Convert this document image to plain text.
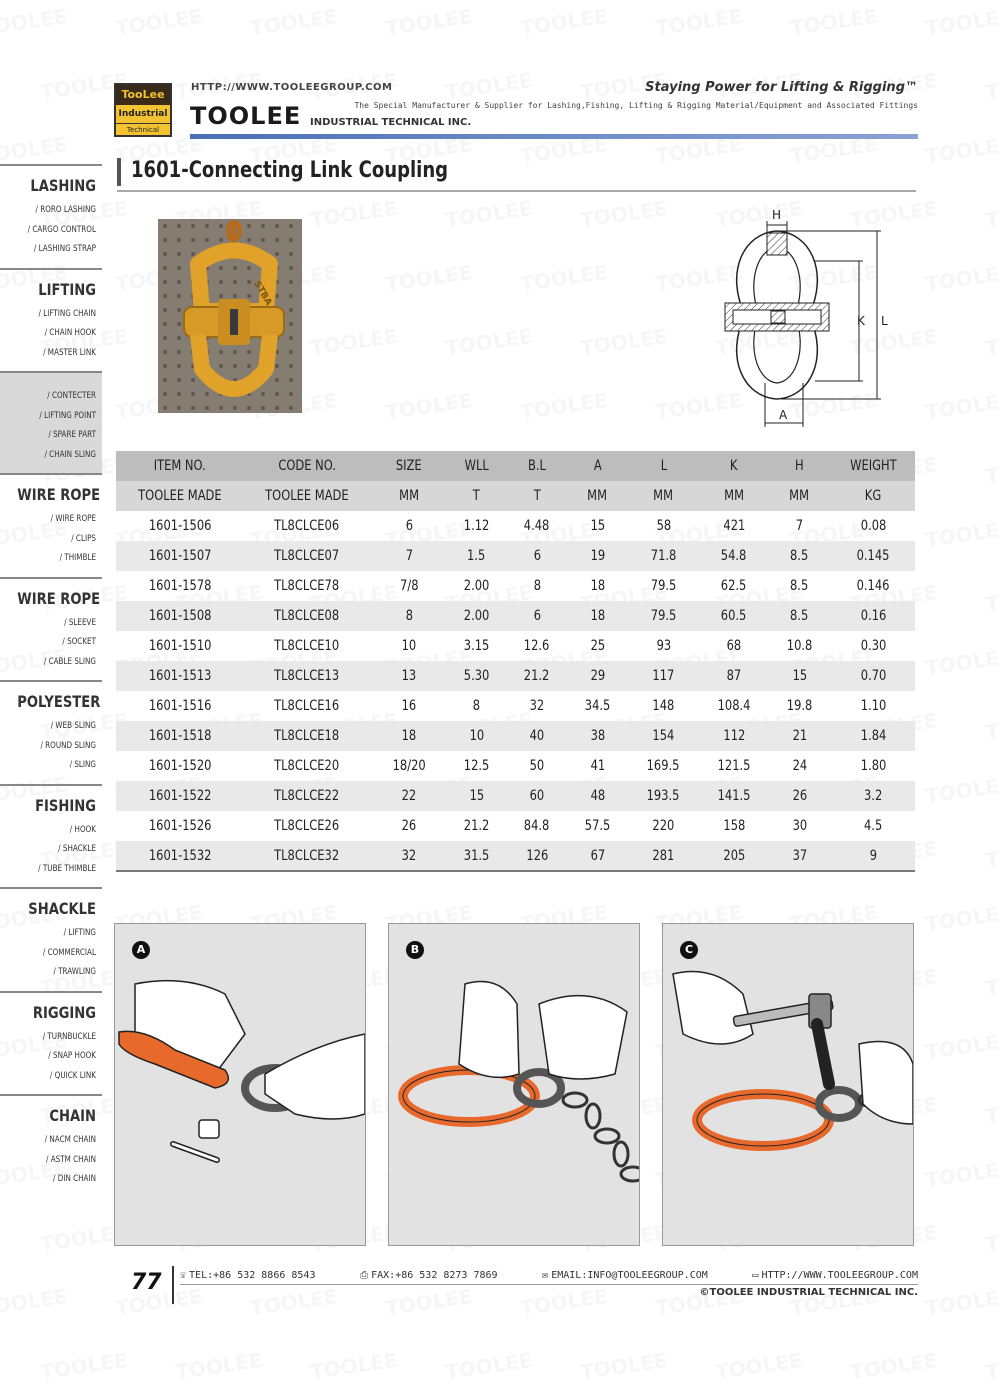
TooLee
Industrial
Technical
HTTP://WWW.TOOLEEGROUP.COM
TOOLEE INDUSTRIAL TECHNICAL INC.
Staying Power for Lifting & Rigging™
The Special Manufacturer & Supplier for Lashing,Fishing, Lifting & Rigging Material/Equipment and Associated Fittings
LASHING
/ RORO LASHING
/ CARGO CONTROL
/ LASHING STRAP
LIFTING
/ LIFTING CHAIN
/ CHAIN HOOK
/ MASTER LINK
/ CONTECTER
/ LIFTING POINT
/ SPARE PART
/ CHAIN SLING
WIRE ROPE
/ WIRE ROPE
/ CLIPS
/ THIMBLE
WIRE ROPE
/ SLEEVE
/ SOCKET
/ CABLE SLING
POLYESTER
/ WEB SLING
/ ROUND SLING
/ SLING
FISHING
/ HOOK
/ SHACKLE
/ TUBE THIMBLE
SHACKLE
/ LIFTING
/ COMMERCIAL
/ TRAWLING
RIGGING
/ TURNBUCKLE
/ SNAP HOOK
/ QUICK LINK
CHAIN
/ NACM CHAIN
/ ASTM CHAIN
/ DIN CHAIN
1601-Connecting Link Coupling
STBA
H
K L
A
ITEM NO.	CODE NO.	SIZE	WLL	B.L	A	L	K	H	WEIGHT
TOOLEE MADE	TOOLEE MADE	MM	T	T	MM	MM	MM	MM	KG
1601-1506	TL8CLCE06	6	1.12	4.48	15	58	421	7	0.08
1601-1507	TL8CLCE07	7	1.5	6	19	71.8	54.8	8.5	0.145
1601-1578	TL8CLCE78	7/8	2.00	8	18	79.5	62.5	8.5	0.146
1601-1508	TL8CLCE08	8	2.00	6	18	79.5	60.5	8.5	0.16
1601-1510	TL8CLCE10	10	3.15	12.6	25	93	68	10.8	0.30
1601-1513	TL8CLCE13	13	5.30	21.2	29	117	87	15	0.70
1601-1516	TL8CLCE16	16	8	32	34.5	148	108.4	19.8	1.10
1601-1518	TL8CLCE18	18	10	40	38	154	112	21	1.84
1601-1520	TL8CLCE20	18/20	12.5	50	41	169.5	121.5	24	1.80
1601-1522	TL8CLCE22	22	15	60	48	193.5	141.5	26	3.2
1601-1526	TL8CLCE26	26	21.2	84.8	57.5	220	158	30	4.5
1601-1532	TL8CLCE32	32	31.5	126	67	281	205	37	9
A	B	C
77 ☏ TEL:+86 532 8866 8543	⎙ FAX:+86 532 8273 7869	✉ EMAIL:INFO@TOOLEEGROUP.COM	▭ HTTP://WWW.TOOLEEGROUP.COM
©TOOLEE INDUSTRIAL TECHNICAL INC.
